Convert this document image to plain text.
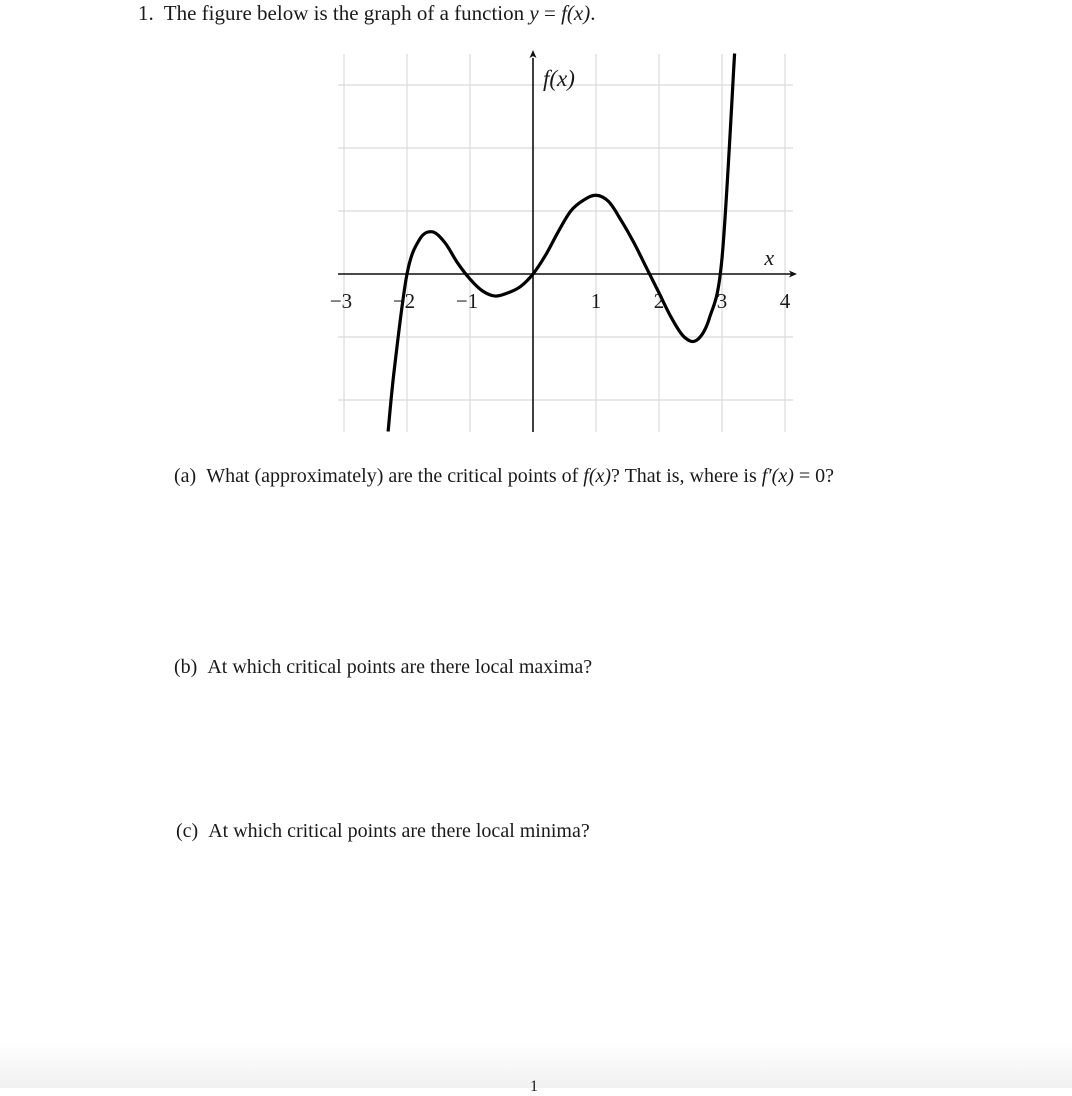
1. The figure below is the graph of a function y = f(x).
−3 −2 −1	1	2	3	4
f(x)
x
(a) What (approximately) are the critical points of f(x)? That is, where is f′(x) = 0?
(b) At which critical points are there local maxima?
(c) At which critical points are there local minima?
1
